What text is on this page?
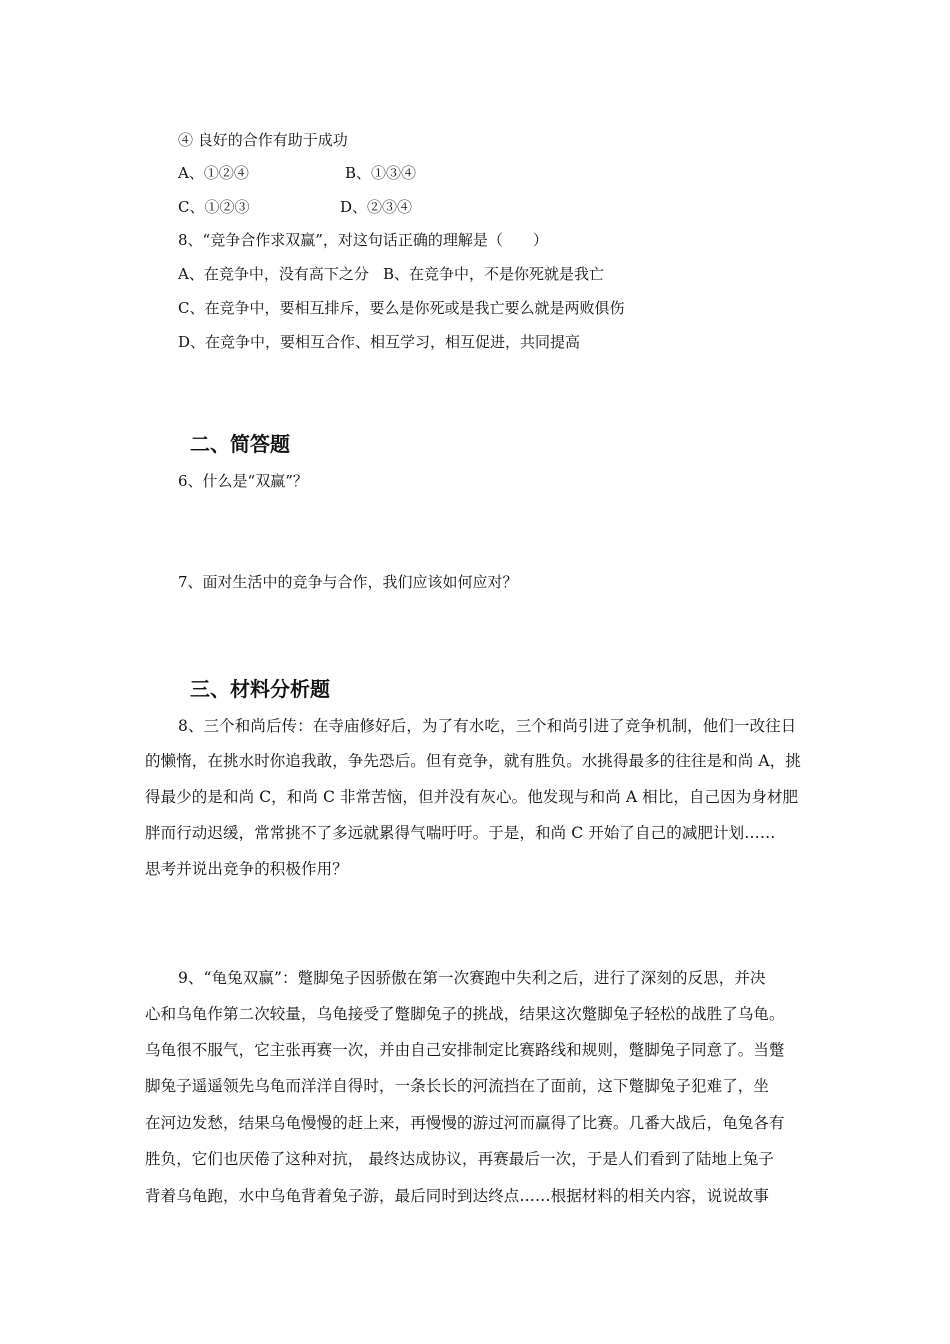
④ 良好的合作有助于成功
A、①②④	B、①③④
C、①②③	D、②③④
8、“竞争合作求双赢”，对这句话正确的理解是（　　）
A、在竞争中，没有高下之分 B、在竞争中，不是你死就是我亡
C、在竞争中，要相互排斥，要么是你死或是我亡要么就是两败俱伤
D、在竞争中，要相互合作、相互学习，相互促进，共同提高
二、简答题
6、什么是“双赢”？
7、面对生活中的竞争与合作，我们应该如何应对？
三、材料分析题
8、三个和尚后传：在寺庙修好后，为了有水吃，三个和尚引进了竞争机制，他们一改往日
的懒惰，在挑水时你追我敢，争先恐后。但有竞争，就有胜负。水挑得最多的往往是和尚 A，挑
得最少的是和尚 C，和尚 C 非常苦恼，但并没有灰心。他发现与和尚 A 相比，自己因为身材肥
胖而行动迟缓，常常挑不了多远就累得气喘吁吁。于是，和尚 C 开始了自己的减肥计划……
思考并说出竞争的积极作用？
9、“龟兔双赢”：蹩脚兔子因骄傲在第一次赛跑中失利之后，进行了深刻的反思，并决
心和乌龟作第二次较量，乌龟接受了蹩脚兔子的挑战，结果这次蹩脚兔子轻松的战胜了乌龟。
乌龟很不服气，它主张再赛一次，并由自己安排制定比赛路线和规则，蹩脚兔子同意了。当蹩
脚兔子遥遥领先乌龟而洋洋自得时，一条长长的河流挡在了面前，这下蹩脚兔子犯难了，坐
在河边发愁，结果乌龟慢慢的赶上来，再慢慢的游过河而赢得了比赛。几番大战后，龟兔各有
胜负，它们也厌倦了这种对抗， 最终达成协议，再赛最后一次，于是人们看到了陆地上兔子
背着乌龟跑，水中乌龟背着兔子游，最后同时到达终点……根据材料的相关内容，说说故事
